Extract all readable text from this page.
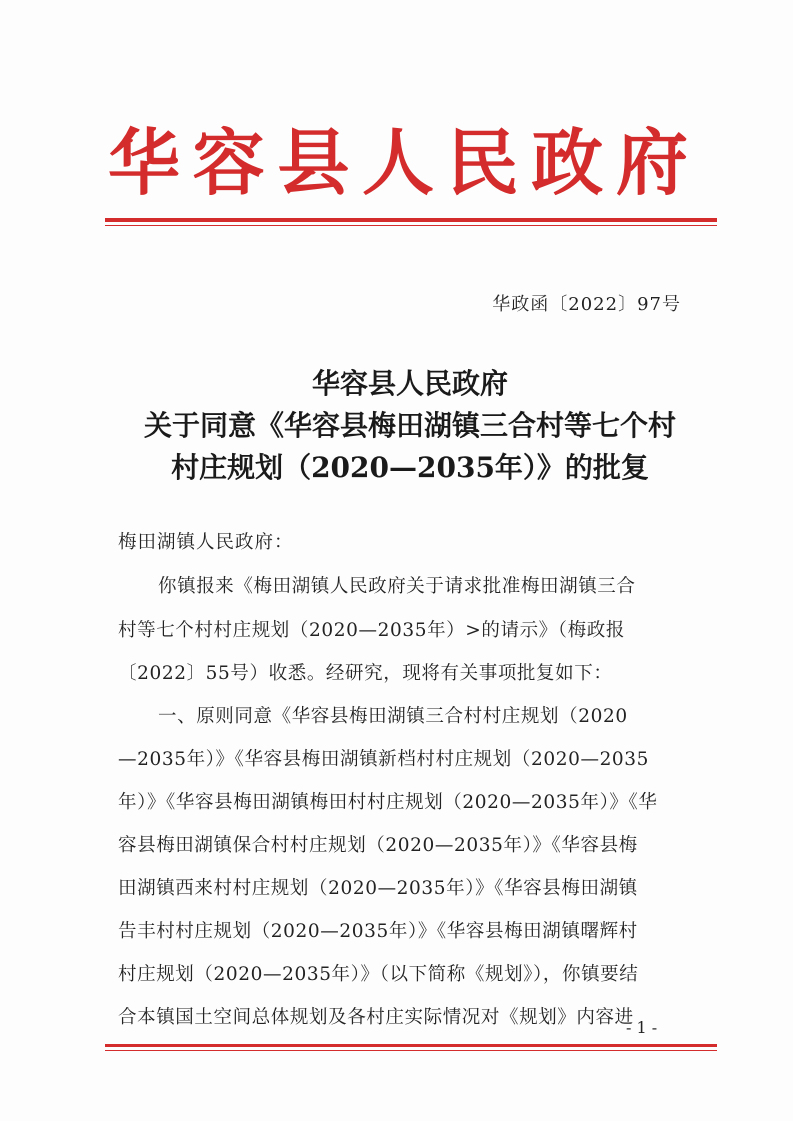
华 容 县 人 民 政 府
华政函〔2022〕97号
华容县人民政府
关于同意《华容县梅田湖镇三合村等七个村
村庄规划（2020—2035年）》的批复
梅田湖镇人民政府：
你镇报来《梅田湖镇人民政府关于请求批准梅田湖镇三合
村等七个村村庄规划（2020—2035年）>的请示》（梅政报
〔2022〕55号）收悉。经研究，现将有关事项批复如下：
一、原则同意《华容县梅田湖镇三合村村庄规划（2020
—2035年）》《华容县梅田湖镇新档村村庄规划（2020—2035
年）》《华容县梅田湖镇梅田村村庄规划（2020—2035年）》《华
容县梅田湖镇保合村村庄规划（2020—2035年）》《华容县梅
田湖镇西来村村庄规划（2020—2035年）》《华容县梅田湖镇
告丰村村庄规划（2020—2035年）》《华容县梅田湖镇曙辉村
村庄规划（2020—2035年）》（以下简称《规划》），你镇要结
合本镇国土空间总体规划及各村庄实际情况对《规划》内容进
- 1 -
